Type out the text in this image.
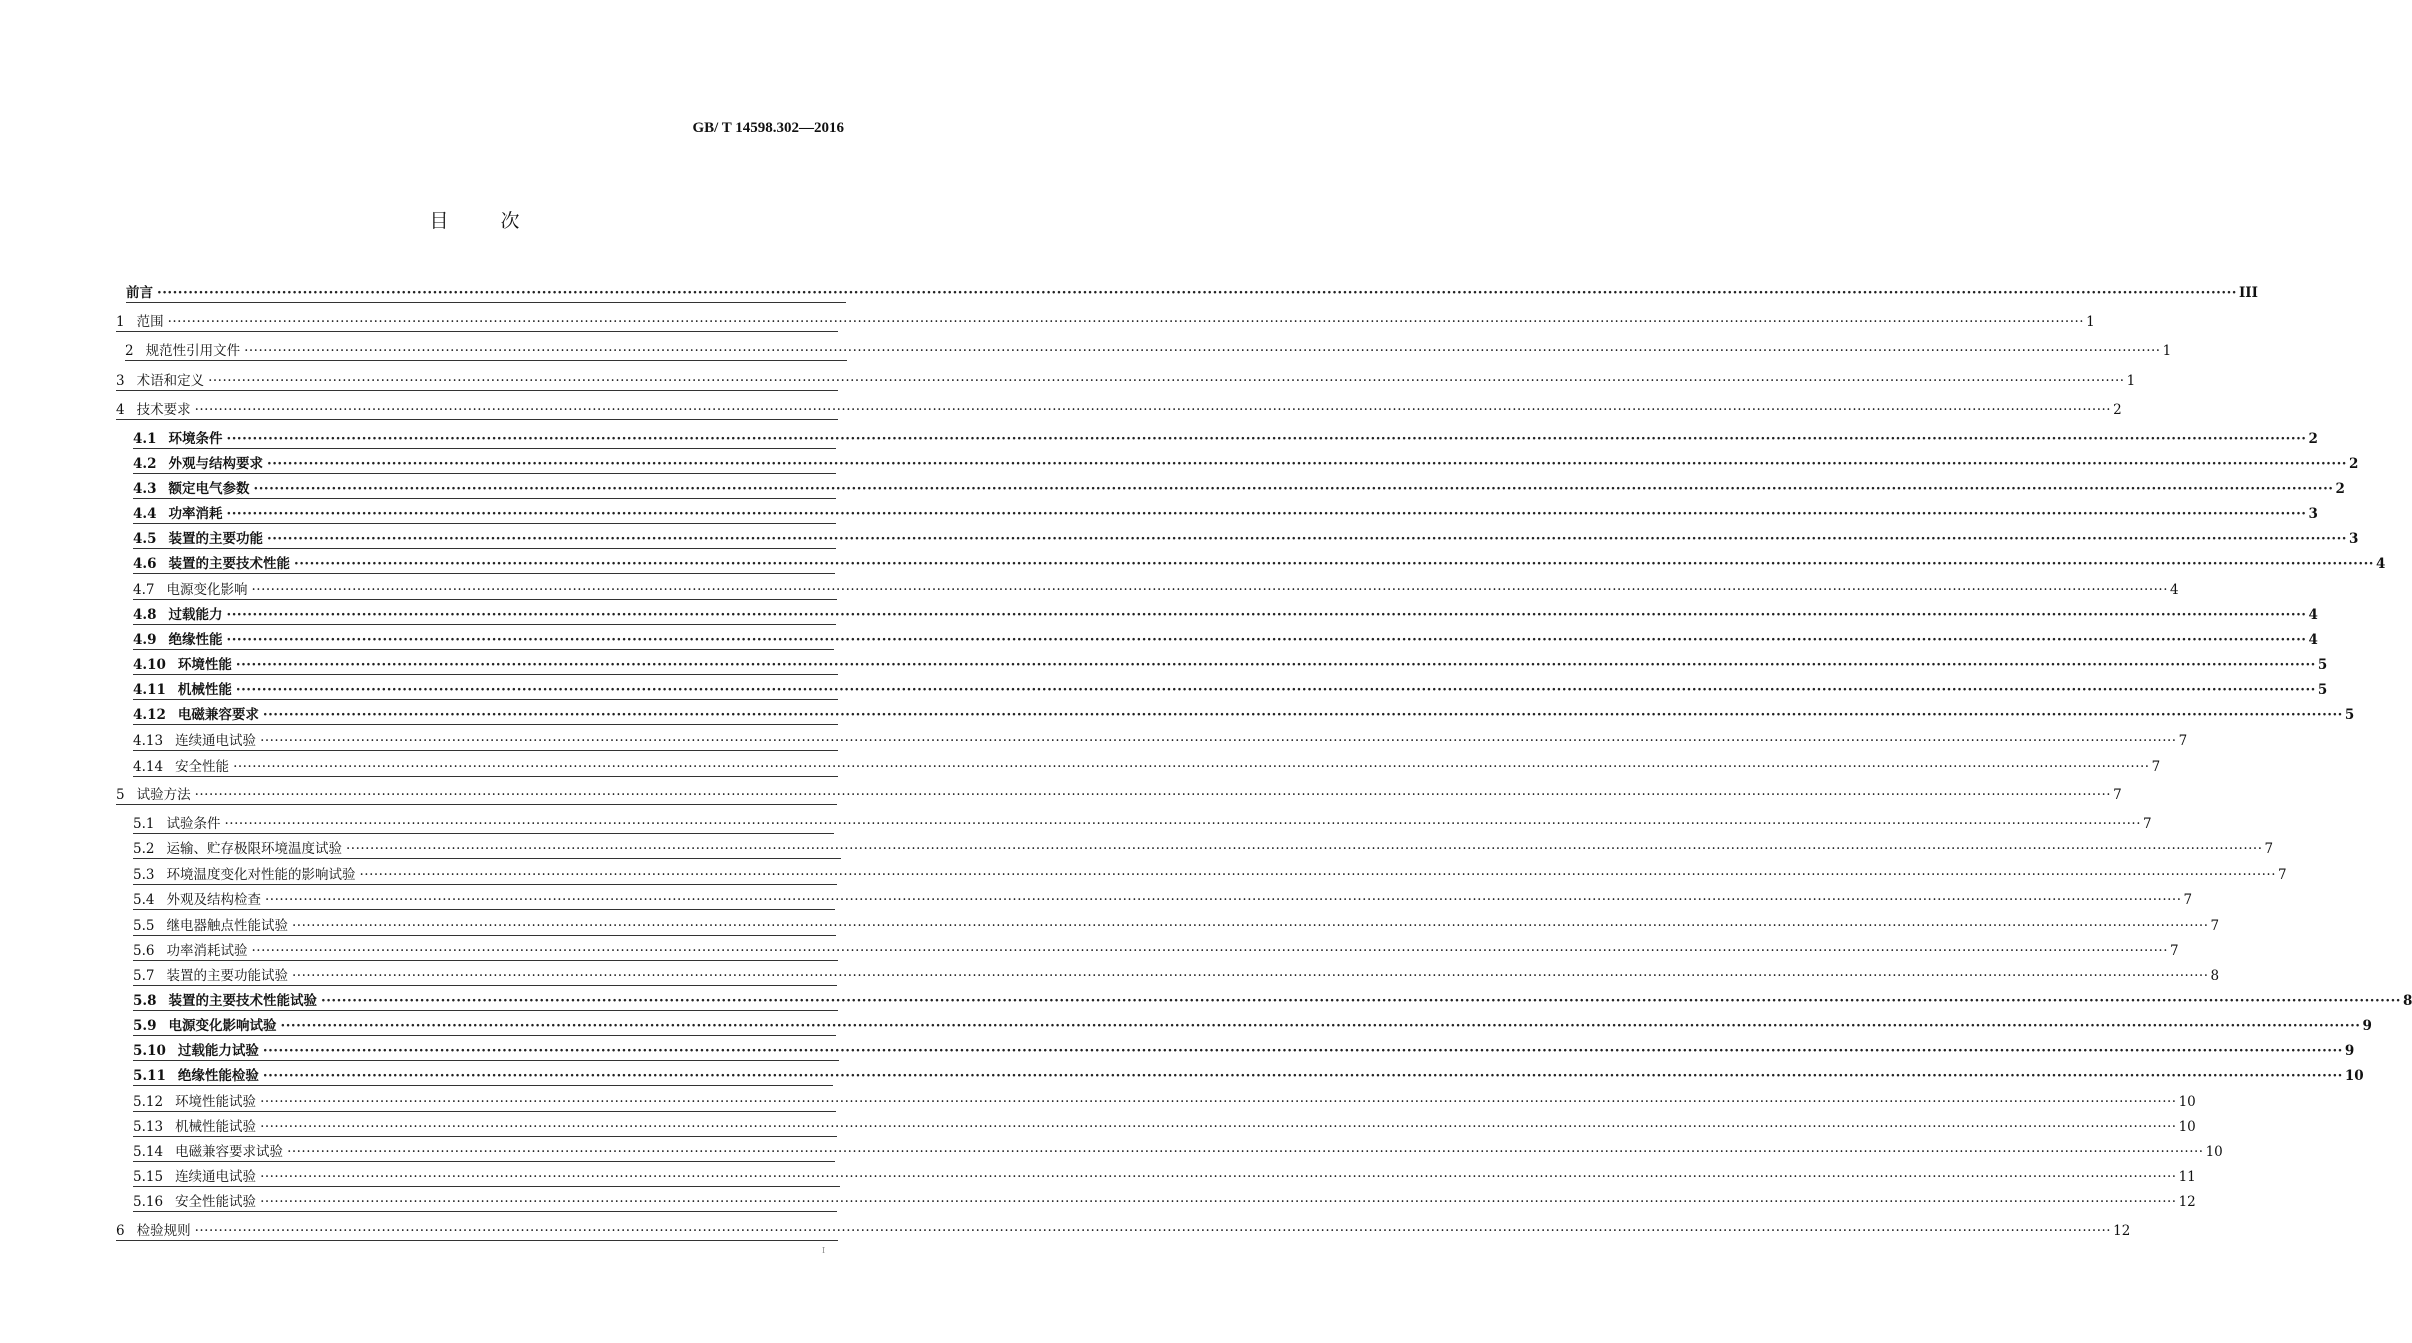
GB/ T 14598.302—2016
目 次
前言 ················································································································································································································································································································································································································ III
1 范围 ················································································································································································································································································································································································································ 1
2 规范性引用文件 ················································································································································································································································································································································································································ 1
3 术语和定义 ················································································································································································································································································································································································································ 1
4 技术要求 ················································································································································································································································································································································································································ 2
4.1 环境条件 ················································································································································································································································································································································································································ 2
4.2 外观与结构要求 ················································································································································································································································································································································································································ 2
4.3 额定电气参数 ················································································································································································································································································································································································································ 2
4.4 功率消耗 ················································································································································································································································································································································································································ 3
4.5 装置的主要功能 ················································································································································································································································································································································································································ 3
4.6 装置的主要技术性能 ················································································································································································································································································································································································································ 4
4.7 电源变化影响 ················································································································································································································································································································································································································ 4
4.8 过载能力 ················································································································································································································································································································································································································ 4
4.9 绝缘性能 ················································································································································································································································································································································································································ 4
4.10 环境性能 ················································································································································································································································································································································································································ 5
4.11 机械性能 ················································································································································································································································································································································································································ 5
4.12 电磁兼容要求 ················································································································································································································································································································································································································ 5
4.13 连续通电试验 ················································································································································································································································································································································································································ 7
4.14 安全性能 ················································································································································································································································································································································································································ 7
5 试验方法 ················································································································································································································································································································································································································ 7
5.1 试验条件 ················································································································································································································································································································································································································ 7
5.2 运输、贮存极限环境温度试验 ················································································································································································································································································································································································································ 7
5.3 环境温度变化对性能的影响试验 ················································································································································································································································································································································································································ 7
5.4 外观及结构检查 ················································································································································································································································································································································································································ 7
5.5 继电器触点性能试验 ················································································································································································································································································································································································································ 7
5.6 功率消耗试验 ················································································································································································································································································································································································································ 7
5.7 装置的主要功能试验 ················································································································································································································································································································································································································ 8
5.8 装置的主要技术性能试验 ················································································································································································································································································································································································································ 8
5.9 电源变化影响试验 ················································································································································································································································································································································································································ 9
5.10 过载能力试验 ················································································································································································································································································································································································································ 9
5.11 绝缘性能检验 ················································································································································································································································································································································································································ 10
5.12 环境性能试验 ················································································································································································································································································································································································································ 10
5.13 机械性能试验 ················································································································································································································································································································································································································ 10
5.14 电磁兼容要求试验 ················································································································································································································································································································································································································ 10
5.15 连续通电试验 ················································································································································································································································································································································································································ 11
5.16 安全性能试验 ················································································································································································································································································································································································································ 12
6 检验规则 ················································································································································································································································································································································································································ 12
I
